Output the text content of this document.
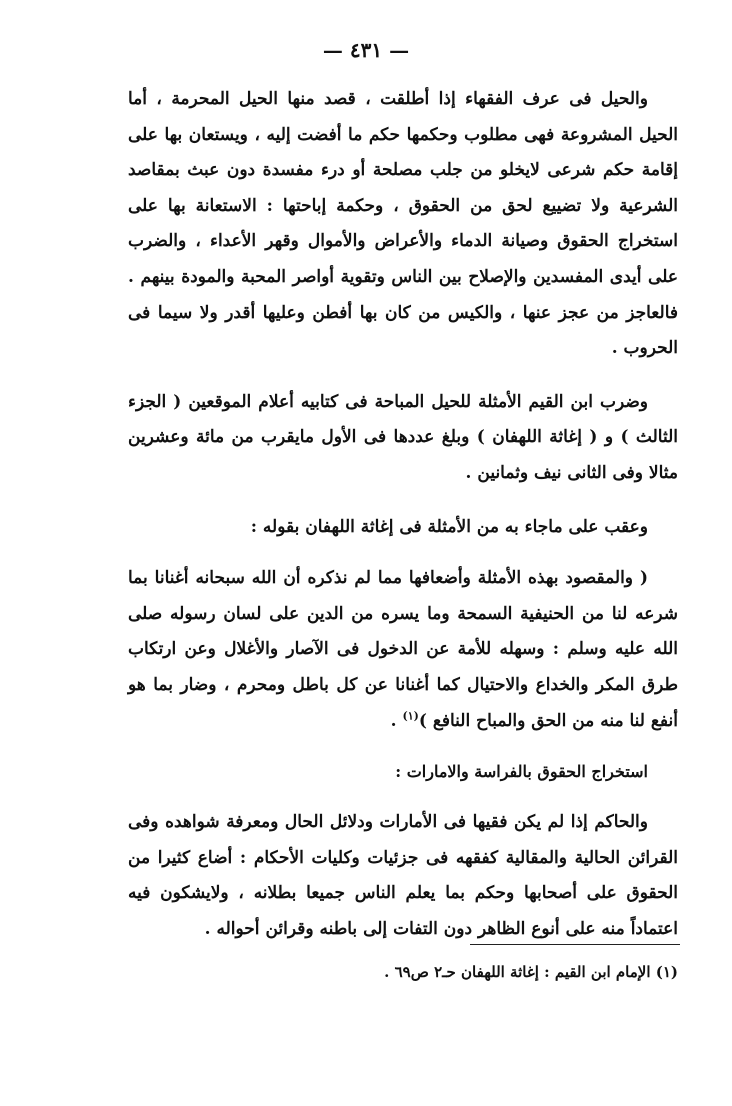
— ٤٣١ —

والحيل فى عرف الفقهاء إذا أطلقت ، قصد منها الحيل المحرمة ، أما الحيل المشروعة فهى مطلوب وحكمها حكم ما أفضت إليه ، ويستعان بها على إقامة حكم شرعى لايخلو من جلب مصلحة أو درء مفسدة دون عبث بمقاصد الشرعية ولا تضييع لحق من الحقوق ، وحكمة إباحتها : الاستعانة بها على استخراج الحقوق وصيانة الدماء والأعراض والأموال وقهر الأعداء ، والضرب على أيدى المفسدين والإصلاح بين الناس وتقوية أواصر المحبة والمودة بينهم . فالعاجز من عجز عنها ، والكيس من كان بها أفطن وعليها أقدر ولا سيما فى الحروب .

وضرب ابن القيم الأمثلة للحيل المباحة فى كتابيه أعلام الموقعين ( الجزء الثالث ) و ( إغاثة اللهفان ) وبلغ عددها فى الأول مايقرب من مائة وعشرين مثالا وفى الثانى نيف وثمانين .

وعقب على ماجاء به من الأمثلة فى إغاثة اللهفان بقوله :

( والمقصود بهذه الأمثلة وأضعافها مما لم نذكره أن الله سبحانه أغنانا بما شرعه لنا من الحنيفية السمحة وما يسره من الدين على لسان رسوله صلى الله عليه وسلم : وسهله للأمة عن الدخول فى الآصار والأغلال وعن ارتكاب طرق المكر والخداع والاحتيال كما أغنانا عن كل باطل ومحرم ، وضار بما هو أنفع لنا منه من الحق والمباح النافع )$^{(١)}$ .

استخراج الحقوق بالفراسة والامارات :

والحاكم إذا لم يكن فقيها فى الأمارات ودلائل الحال ومعرفة شواهده وفى القرائن الحالية والمقالية كفقهه فى جزئيات وكليات الأحكام : أضاع كثيرا من الحقوق على أصحابها وحكم بما يعلم الناس جميعا بطلانه ، ولايشكون فيه اعتماداً منه على أنوع الظاهر دون التفات إلى باطنه وقرائن أحواله .

(١) الإمام ابن القيم : إغاثة اللهفان حـ٢ ص٦٩ .
